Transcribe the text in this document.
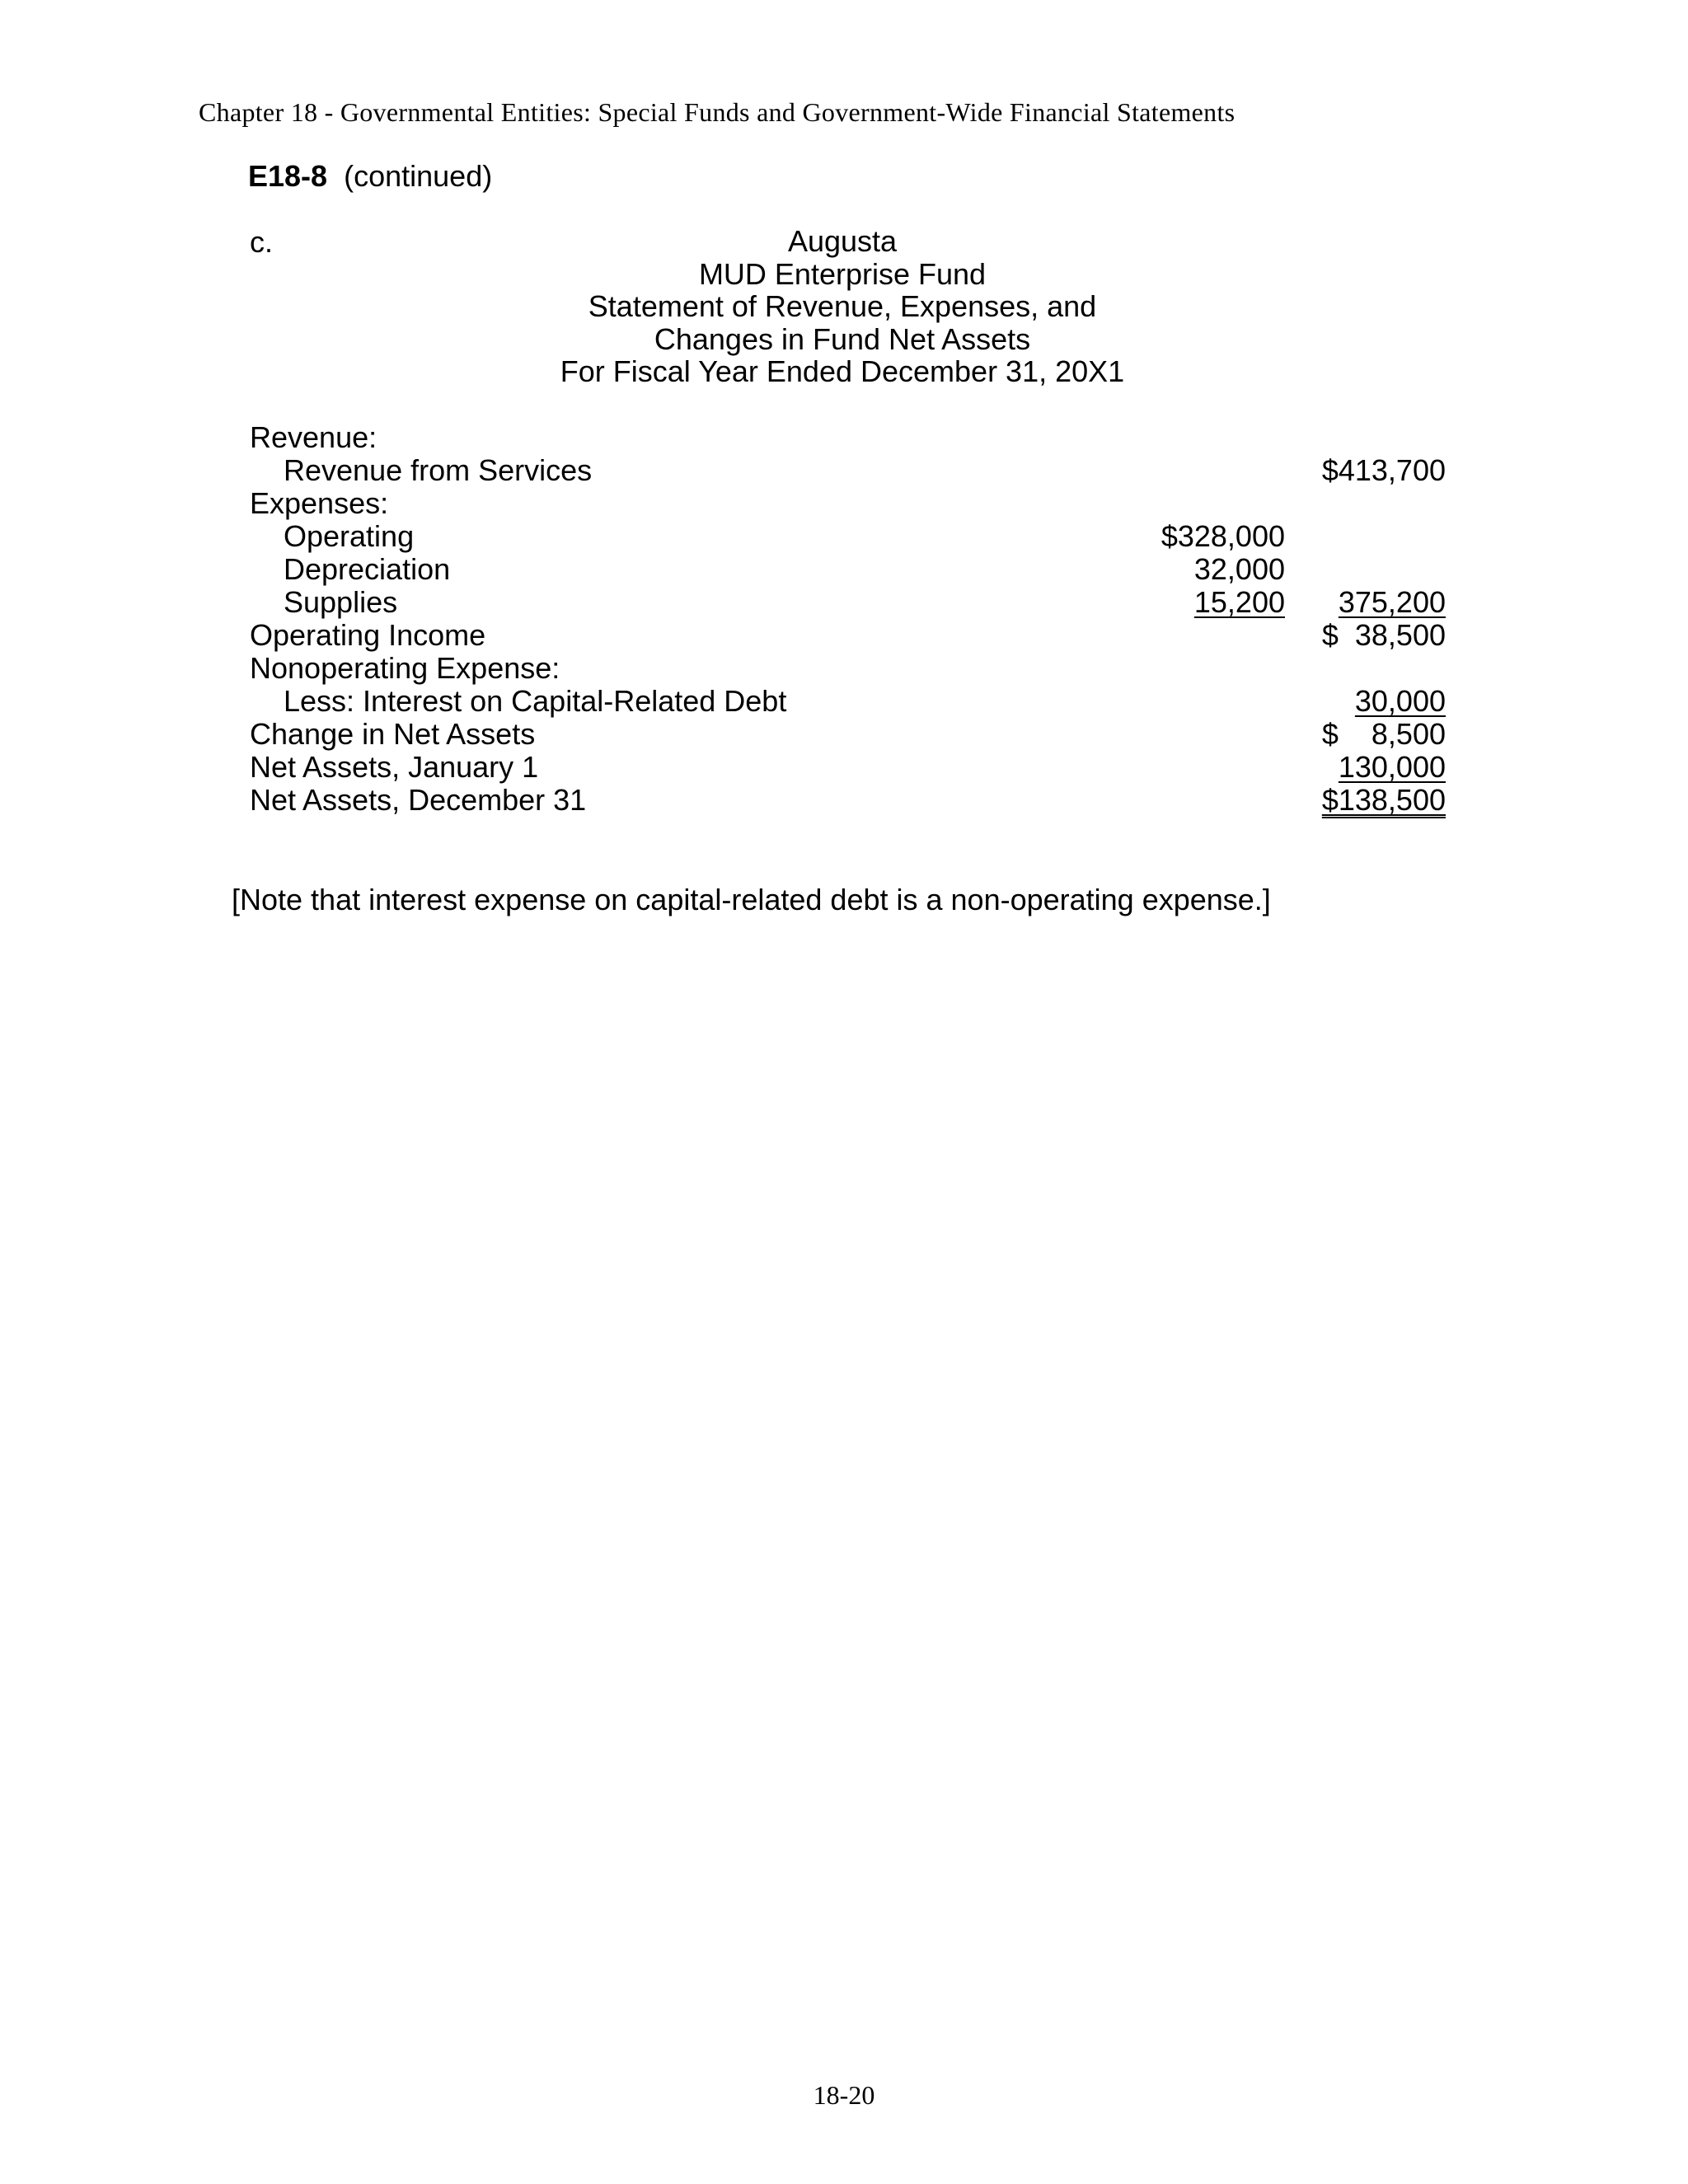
Chapter 18 - Governmental Entities: Special Funds and Government-Wide Financial Statements
E18-8 (continued)
c.	Augusta
MUD Enterprise Fund
Statement of Revenue, Expenses, and
Changes in Fund Net Assets
For Fiscal Year Ended December 31, 20X1
Revenue:
Revenue from Services	$413,700
Expenses:
Operating	$328,000
Depreciation	32,000
Supplies	15,200	375,200
Operating Income	$  38,500
Nonoperating Expense:
Less: Interest on Capital-Related Debt	30,000
Change in Net Assets	$    8,500
Net Assets, January 1	130,000
Net Assets, December 31	$138,500
[Note that interest expense on capital-related debt is a non-operating expense.]
18-20
